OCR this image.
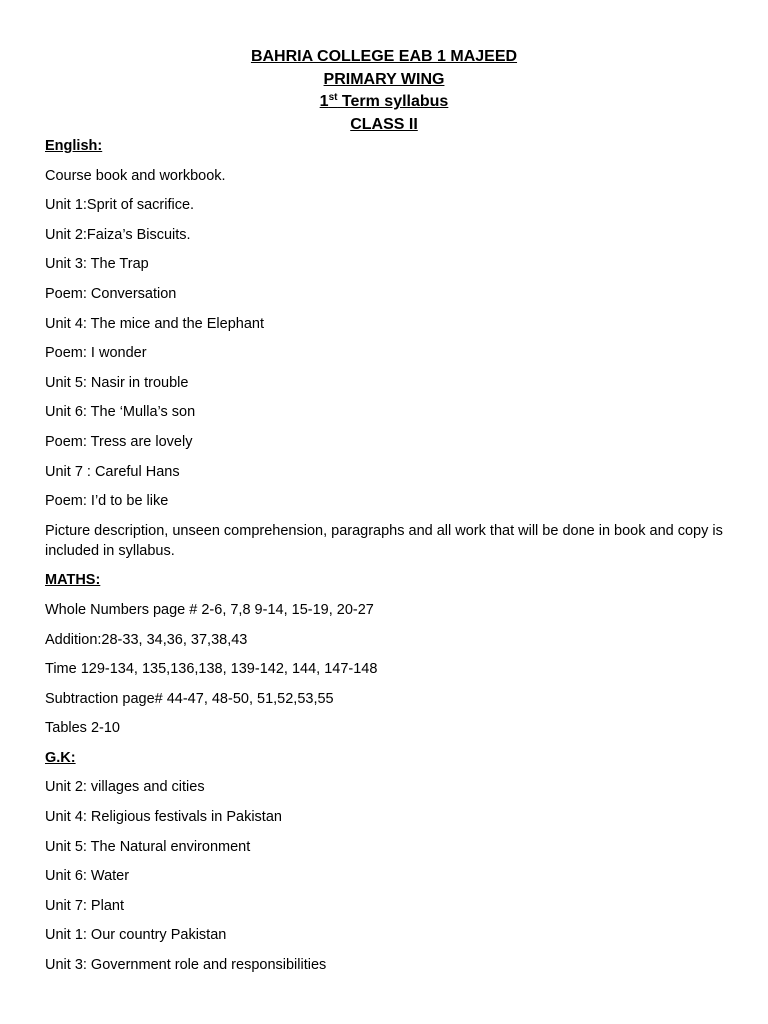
BAHRIA COLLEGE EAB 1 MAJEED
PRIMARY WING
1st Term syllabus
CLASS II
English:
Course book and workbook.
Unit 1:Sprit of sacrifice.
Unit 2:Faiza’s Biscuits.
Unit 3: The Trap
Poem: Conversation
Unit 4: The mice and the Elephant
Poem: I wonder
Unit 5: Nasir in trouble
Unit 6: The ‘Mulla’s son
Poem: Tress are lovely
Unit 7 : Careful Hans
Poem: I’d to be like
Picture description, unseen comprehension, paragraphs and all work that will be done in book and copy is included in syllabus.
MATHS:
Whole Numbers page # 2-6, 7,8 9-14, 15-19, 20-27
Addition:28-33, 34,36, 37,38,43
Time 129-134, 135,136,138, 139-142, 144, 147-148
Subtraction page# 44-47, 48-50, 51,52,53,55
Tables 2-10
G.K:
Unit 2: villages and cities
Unit 4: Religious festivals in Pakistan
Unit 5: The Natural environment
Unit 6: Water
Unit 7: Plant
Unit 1: Our country Pakistan
Unit 3: Government role and responsibilities
